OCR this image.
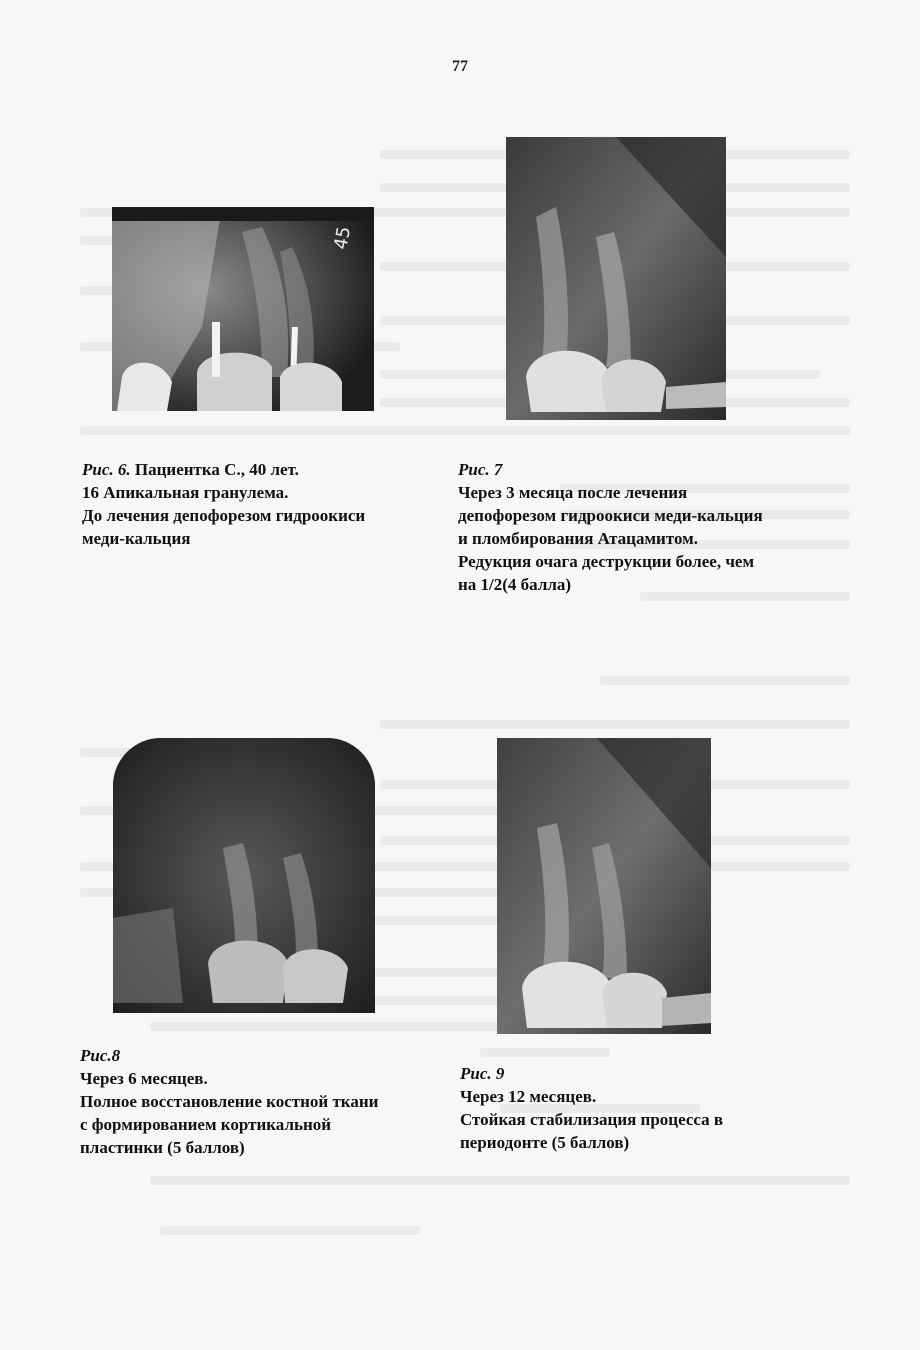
77
45
Рис. 6. Пациентка С., 40 лет.
16 Апикальная гранулема.
До лечения депофорезом гидроокиси
меди-кальция
Рис. 7
Через 3 месяца после лечения
депофорезом гидроокиси меди-кальция
и пломбирования Атацамитом.
Редукция очага деструкции более, чем
на 1/2(4 балла)
Рис.8
Через 6 месяцев.
Полное восстановление костной ткани
с формированием кортикальной
пластинки (5 баллов)
Рис. 9
Через 12 месяцев.
Стойкая стабилизация процесса в
периодонте (5 баллов)
